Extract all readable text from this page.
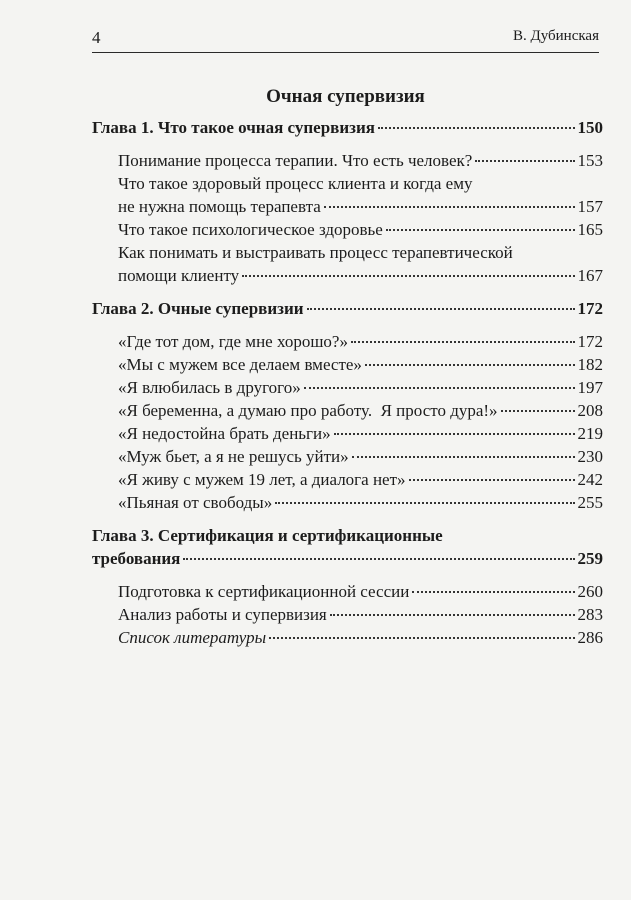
4	В. Дубинская
Очная супервизия
Глава 1. Что такое очная супервизия	150
Понимание процесса терапии. Что есть человек?	153
Что такое здоровый процесс клиента и когда ему
не нужна помощь терапевта	157
Что такое психологическое здоровье	165
Как понимать и выстраивать процесс терапевтической
помощи клиенту	167
Глава 2. Очные супервизии	172
«Где тот дом, где мне хорошо?»	172
«Мы с мужем все делаем вместе»	182
«Я влюбилась в другого»	197
«Я беременна, а думаю про работу.  Я просто дура!»	208
«Я недостойна брать деньги»	219
«Муж бьет, а я не решусь уйти»	230
«Я живу с мужем 19 лет, а диалога нет»	242
«Пьяная от свободы»	255
Глава 3. Сертификация и сертификационные
требования	259
Подготовка к сертификационной сессии	260
Анализ работы и супервизия	283
Список литературы	286
